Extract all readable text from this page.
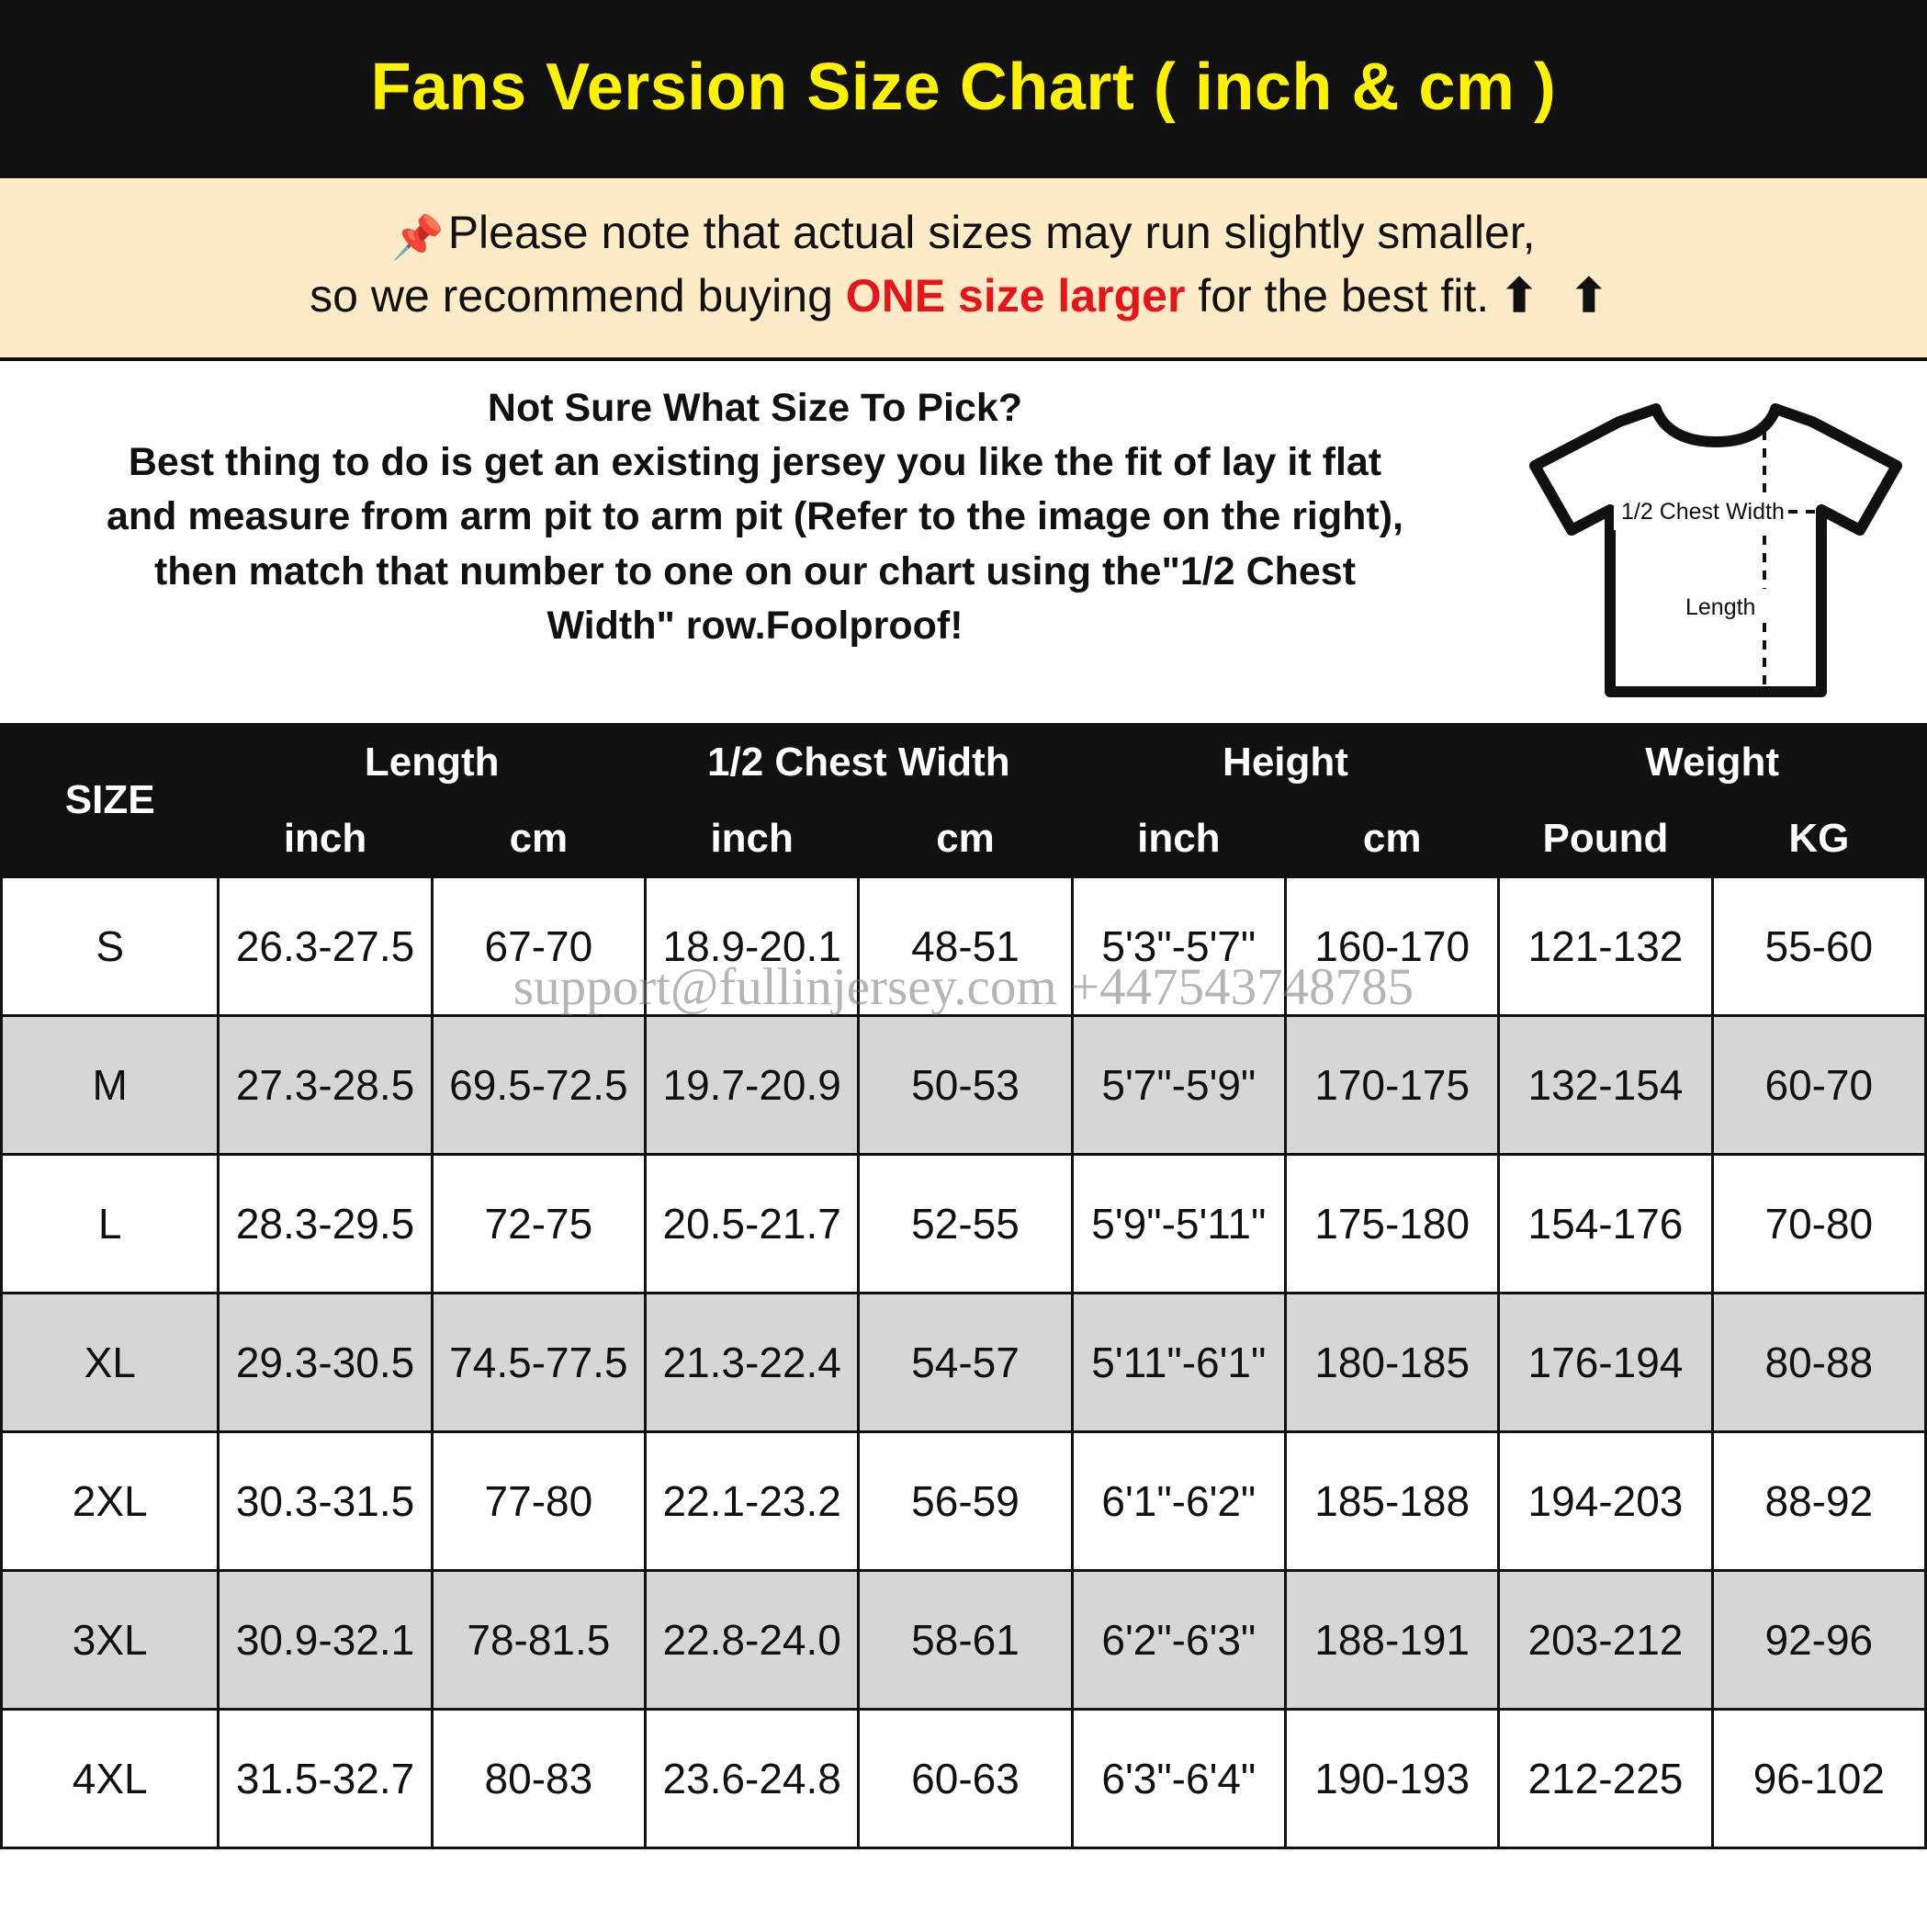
Fans Version Size Chart ( inch & cm )
📌Please note that actual sizes may run slightly smaller,
so we recommend buying ONE size larger for the best fit. ⬆ ⬆
Not Sure What Size To Pick?
Best thing to do is get an existing jersey you like the fit of lay it flat
and measure from arm pit to arm pit (Refer to the image on the right),
then match that number to one on our chart using the"1/2 Chest
Width" row.Foolproof!
1/2 Chest Width
Length
SIZE	Length		1/2 Chest Width		Height		Weight	
	inch	cm	inch	cm	inch	cm	Pound	KG
S	26.3-27.5	67-70	18.9-20.1	48-51	5'3"-5'7"	160-170	121-132	55-60
M	27.3-28.5	69.5-72.5	19.7-20.9	50-53	5'7"-5'9"	170-175	132-154	60-70
L	28.3-29.5	72-75	20.5-21.7	52-55	5'9"-5'11"	175-180	154-176	70-80
XL	29.3-30.5	74.5-77.5	21.3-22.4	54-57	5'11"-6'1"	180-185	176-194	80-88
2XL	30.3-31.5	77-80	22.1-23.2	56-59	6'1"-6'2"	185-188	194-203	88-92
3XL	30.9-32.1	78-81.5	22.8-24.0	58-61	6'2"-6'3"	188-191	203-212	92-96
4XL	31.5-32.7	80-83	23.6-24.8	60-63	6'3"-6'4"	190-193	212-225	96-102
support@fullinjersey.com +447543748785
